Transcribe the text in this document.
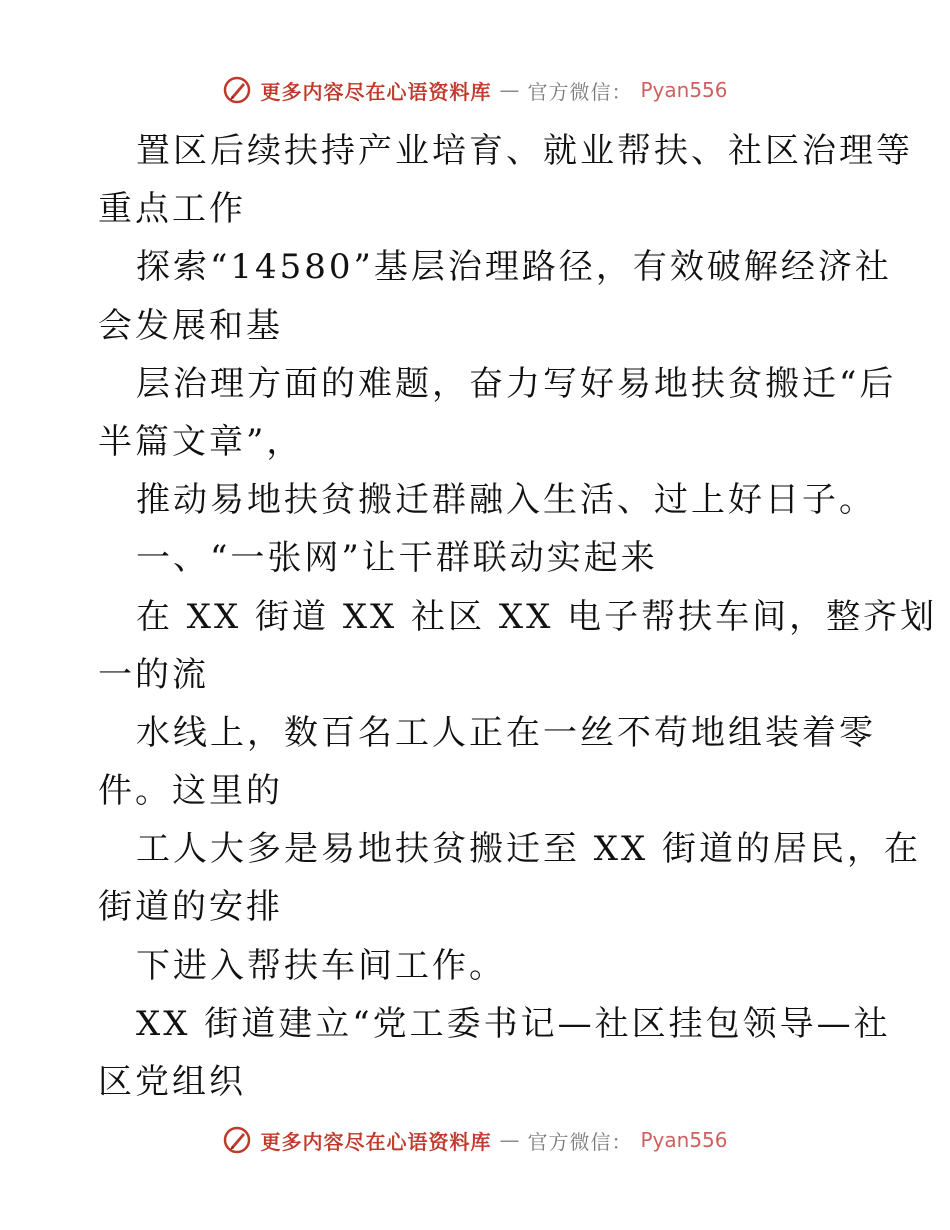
更多内容尽在心语资料库 — 官方微信： Pyan556
置区后续扶持产业培育、就业帮扶、社区治理等
重点工作
探索“14580”基层治理路径，有效破解经济社
会发展和基
层治理方面的难题，奋力写好易地扶贫搬迁“后
半篇文章”，
推动易地扶贫搬迁群融入生活、过上好日子。
一、“一张网”让干群联动实起来
在 XX 街道 XX 社区 XX 电子帮扶车间，整齐划
一的流
水线上，数百名工人正在一丝不苟地组装着零
件。这里的
工人大多是易地扶贫搬迁至 XX 街道的居民，在
街道的安排
下进入帮扶车间工作。
XX 街道建立“党工委书记—社区挂包领导—社
区党组织
更多内容尽在心语资料库 — 官方微信： Pyan556
